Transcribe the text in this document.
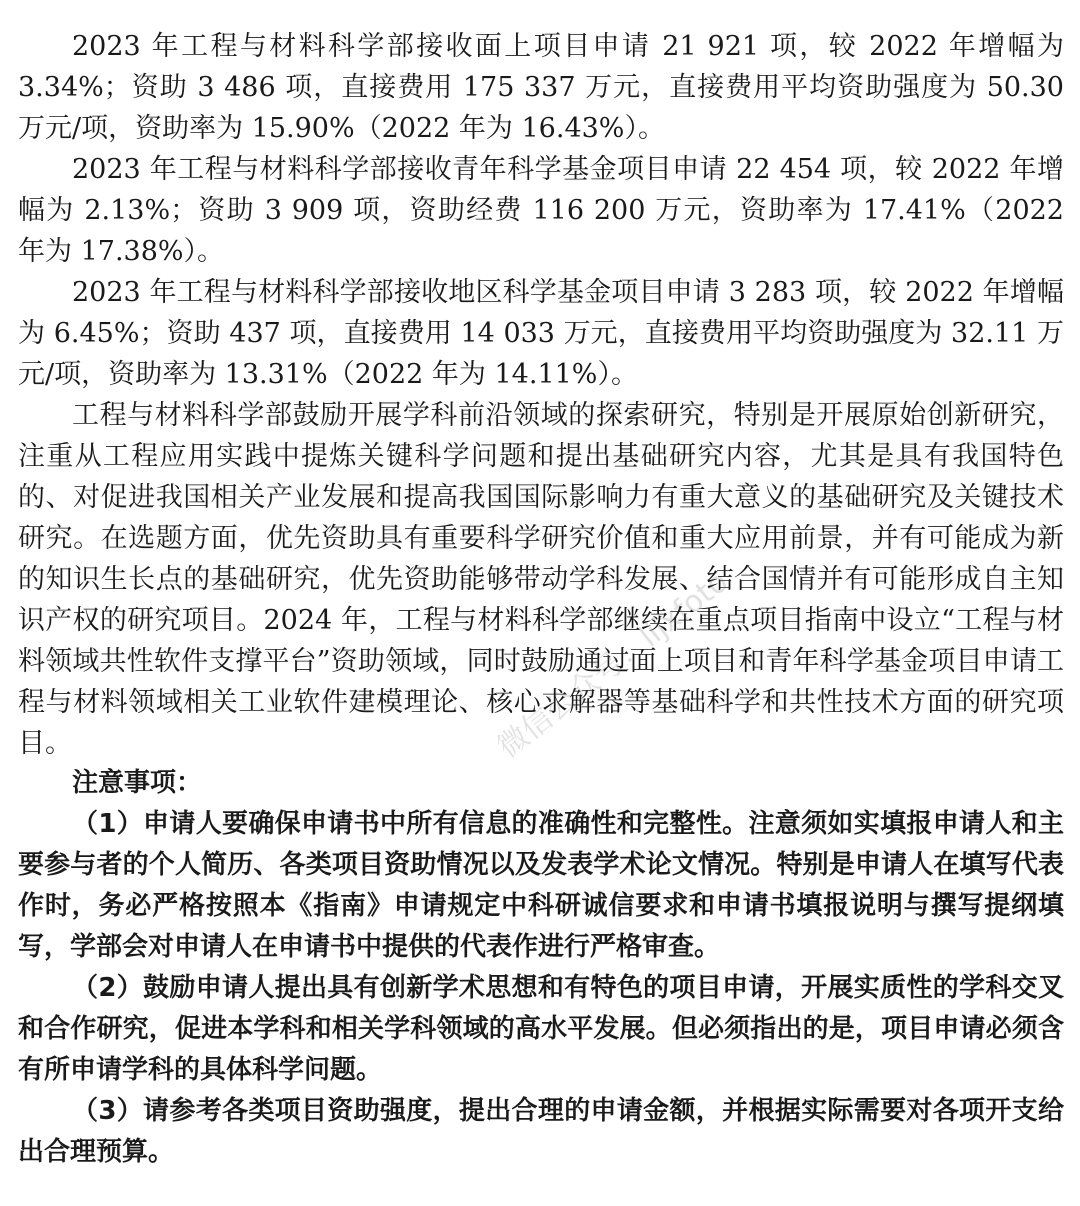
2023 年工程与材料科学部接收面上项目申请 21 921 项，较 2022 年增幅为 3.34%；资助 3 486 项，直接费用 175 337 万元，直接费用平均资助强度为 50.30 万元/项，资助率为 15.90%（2022 年为 16.43%）。

2023 年工程与材料科学部接收青年科学基金项目申请 22 454 项，较 2022 年增幅为 2.13%；资助 3 909 项，资助经费 116 200 万元，资助率为 17.41%（2022 年为 17.38%）。

2023 年工程与材料科学部接收地区科学基金项目申请 3 283 项，较 2022 年增幅为 6.45%；资助 437 项，直接费用 14 033 万元，直接费用平均资助强度为 32.11 万元/项，资助率为 13.31%（2022 年为 14.11%）。

工程与材料科学部鼓励开展学科前沿领域的探索研究，特别是开展原始创新研究，注重从工程应用实践中提炼关键科学问题和提出基础研究内容，尤其是具有我国特色的、对促进我国相关产业发展和提高我国国际影响力有重大意义的基础研究及关键技术研究。在选题方面，优先资助具有重要科学研究价值和重大应用前景，并有可能成为新的知识生长点的基础研究，优先资助能够带动学科发展、结合国情并有可能形成自主知识产权的研究项目。2024 年，工程与材料科学部继续在重点项目指南中设立“工程与材料领域共性软件支撑平台”资助领域，同时鼓励通过面上项目和青年科学基金项目申请工程与材料领域相关工业软件建模理论、核心求解器等基础科学和共性技术方面的研究项目。

注意事项：

（1）申请人要确保申请书中所有信息的准确性和完整性。注意须如实填报申请人和主要参与者的个人简历、各类项目资助情况以及发表学术论文情况。特别是申请人在填写代表作时，务必严格按照本《指南》申请规定中科研诚信要求和申请书填报说明与撰写提纲填写，学部会对申请人在申请书中提供的代表作进行严格审查。

（2）鼓励申请人提出具有创新学术思想和有特色的项目申请，开展实质性的学科交叉和合作研究，促进本学科和相关学科领域的高水平发展。但必须指出的是，项目申请必须含有所申请学科的具体科学问题。

（3）请参考各类项目资助强度，提出合理的申请金额，并根据实际需要对各项开支给出合理预算。

微信公众号：lijxfoto
